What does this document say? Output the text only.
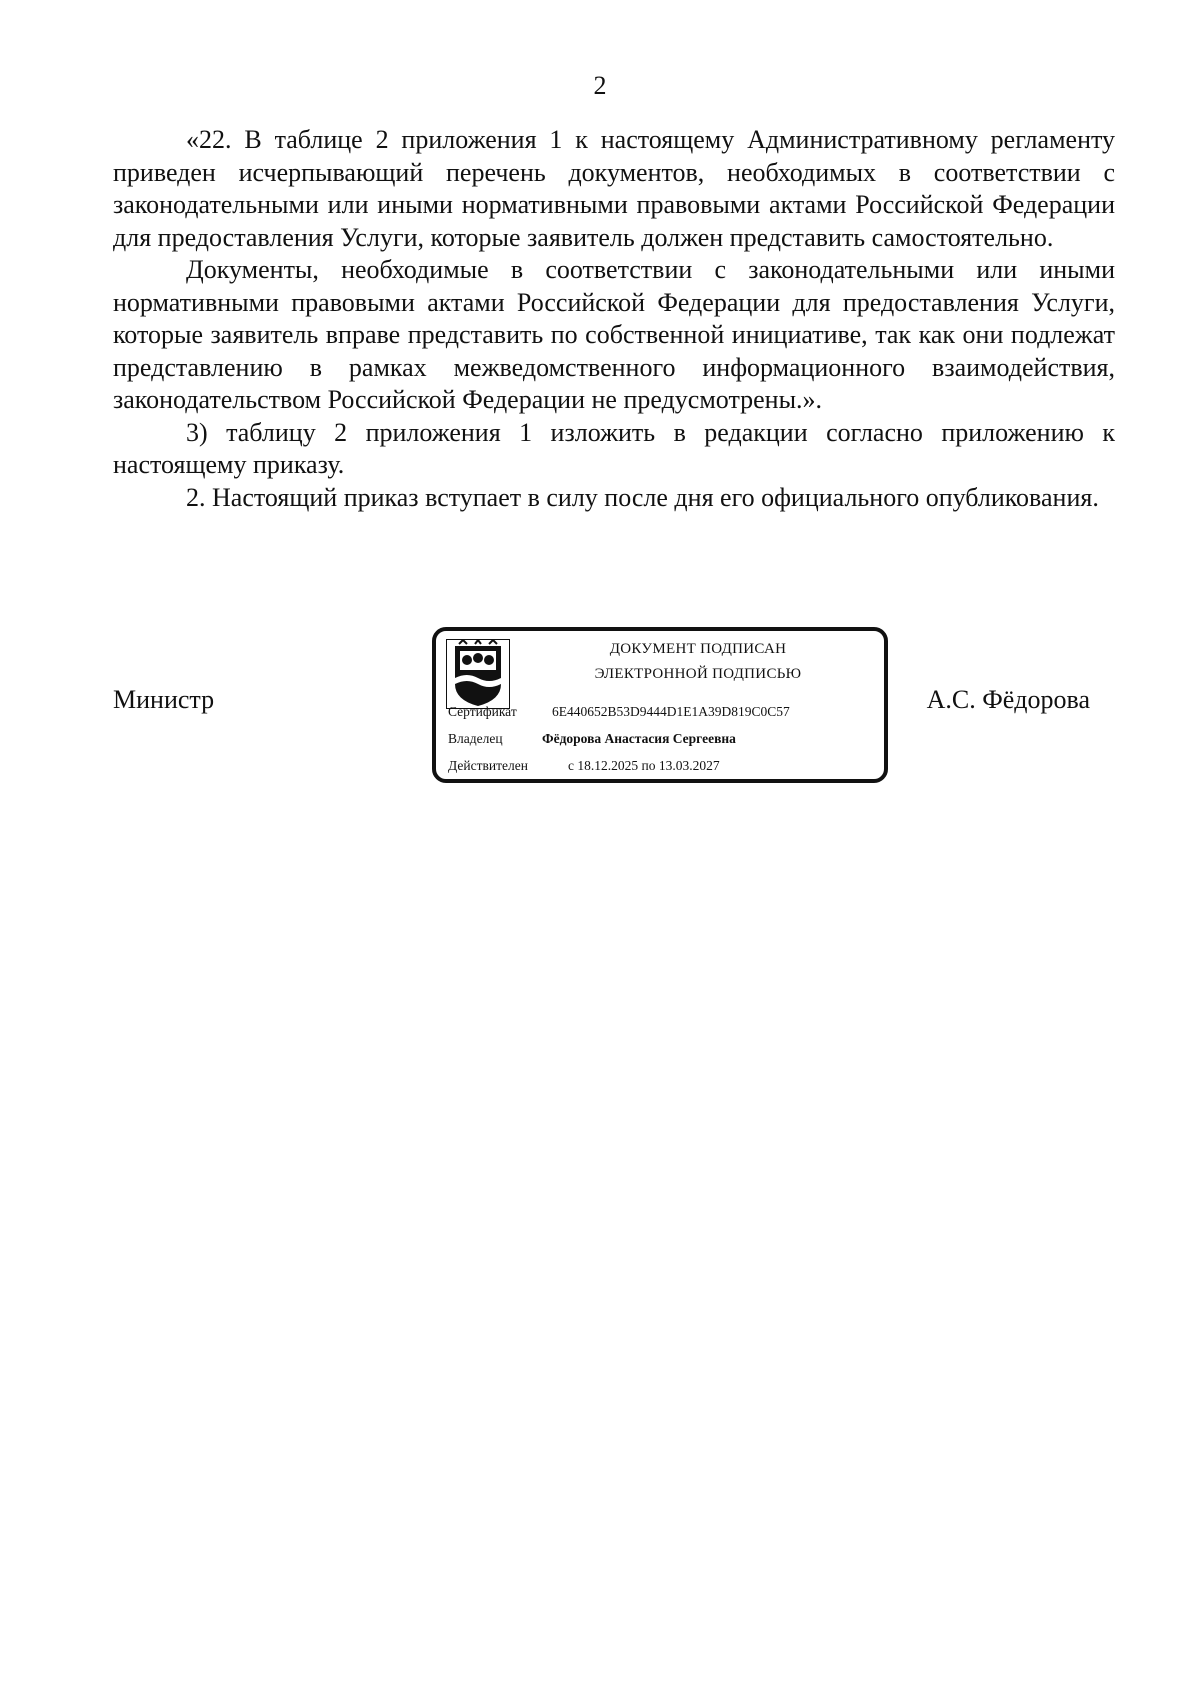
2

«22. В таблице 2 приложения 1 к настоящему Административному регламенту приведен исчерпывающий перечень документов, необходимых в соответствии с законодательными или иными нормативными правовыми актами Российской Федерации для предоставления Услуги, которые заявитель должен представить самостоятельно.

Документы, необходимые в соответствии с законодательными или иными нормативными правовыми актами Российской Федерации для предоставления Услуги, которые заявитель вправе представить по собственной инициативе, так как они подлежат представлению в рамках межведомственного информационного взаимодействия, законодательством Российской Федерации не предусмотрены.».

3) таблицу 2 приложения 1 изложить в редакции согласно приложению к настоящему приказу.

2. Настоящий приказ вступает в силу после дня его официального опубликования.

Министр
ДОКУМЕНТ ПОДПИСАН
ЭЛЕКТРОННОЙ ПОДПИСЬЮ
Сертификат	6E440652B53D9444D1E1A39D819C0C57
Владелец	Фёдорова Анастасия Сергеевна
Действителен	с 18.12.2025 по 13.03.2027
А.С. Фёдорова
